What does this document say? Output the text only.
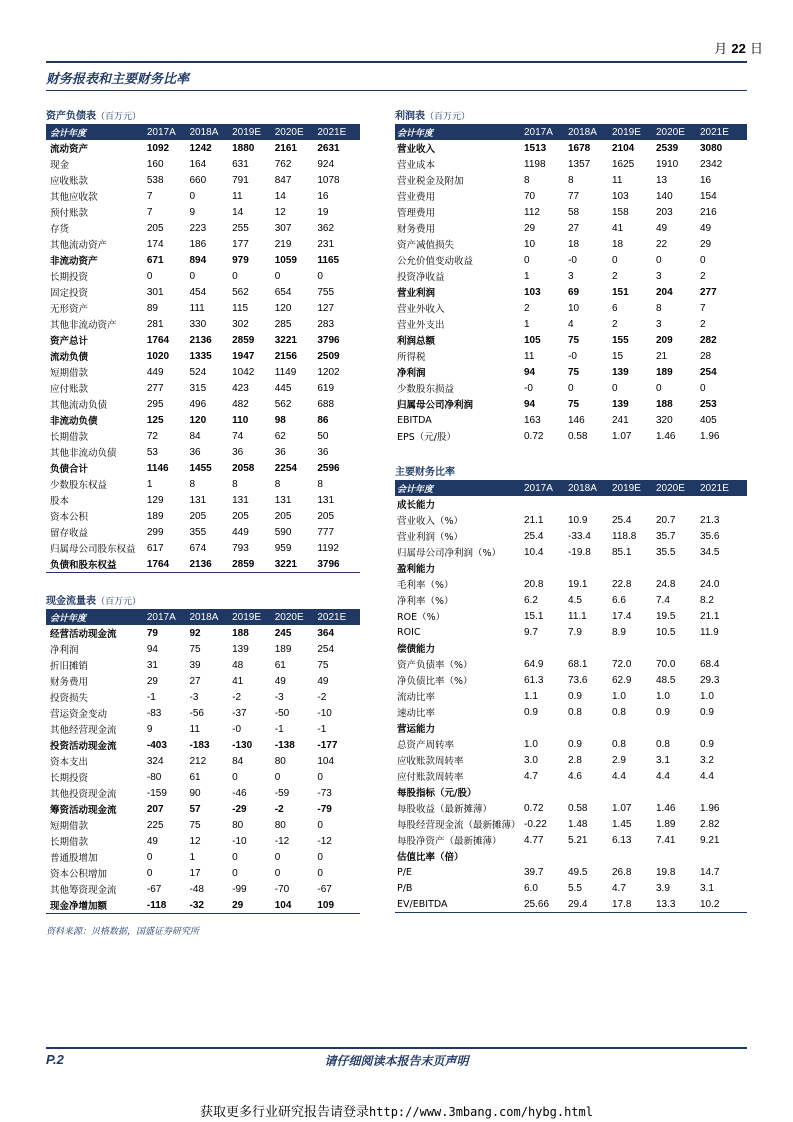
月 22 日
财务报表和主要财务比率
资产负债表（百万元）
会计年度	2017A	2018A	2019E	2020E	2021E
流动资产	1092	1242	1880	2161	2631
现金	160	164	631	762	924
应收账款	538	660	791	847	1078
其他应收款	7	0	11	14	16
预付账款	7	9	14	12	19
存货	205	223	255	307	362
其他流动资产	174	186	177	219	231
非流动资产	671	894	979	1059	1165
长期投资	0	0	0	0	0
固定投资	301	454	562	654	755
无形资产	89	111	115	120	127
其他非流动资产	281	330	302	285	283
资产总计	1764	2136	2859	3221	3796
流动负债	1020	1335	1947	2156	2509
短期借款	449	524	1042	1149	1202
应付账款	277	315	423	445	619
其他流动负债	295	496	482	562	688
非流动负债	125	120	110	98	86
长期借款	72	84	74	62	50
其他非流动负债	53	36	36	36	36
负债合计	1146	1455	2058	2254	2596
少数股东权益	1	8	8	8	8
股本	129	131	131	131	131
资本公积	189	205	205	205	205
留存收益	299	355	449	590	777
归属母公司股东权益	617	674	793	959	1192
负债和股东权益	1764	2136	2859	3221	3796
现金流量表（百万元）
会计年度	2017A	2018A	2019E	2020E	2021E
经营活动现金流	79	92	188	245	364
净利润	94	75	139	189	254
折旧摊销	31	39	48	61	75
财务费用	29	27	41	49	49
投资损失	-1	-3	-2	-3	-2
营运资金变动	-83	-56	-37	-50	-10
其他经营现金流	9	11	-0	-1	-1
投资活动现金流	-403	-183	-130	-138	-177
资本支出	324	212	84	80	104
长期投资	-80	61	0	0	0
其他投资现金流	-159	90	-46	-59	-73
筹资活动现金流	207	57	-29	-2	-79
短期借款	225	75	80	80	0
长期借款	49	12	-10	-12	-12
普通股增加	0	1	0	0	0
资本公积增加	0	17	0	0	0
其他筹资现金流	-67	-48	-99	-70	-67
现金净增加额	-118	-32	29	104	109
利润表（百万元）
会计年度	2017A	2018A	2019E	2020E	2021E
营业收入	1513	1678	2104	2539	3080
营业成本	1198	1357	1625	1910	2342
营业税金及附加	8	8	11	13	16
营业费用	70	77	103	140	154
管理费用	112	58	158	203	216
财务费用	29	27	41	49	49
资产减值损失	10	18	18	22	29
公允价值变动收益	0	-0	0	0	0
投资净收益	1	3	2	3	2
营业利润	103	69	151	204	277
营业外收入	2	10	6	8	7
营业外支出	1	4	2	3	2
利润总额	105	75	155	209	282
所得税	11	-0	15	21	28
净利润	94	75	139	189	254
少数股东损益	-0	0	0	0	0
归属母公司净利润	94	75	139	188	253
EBITDA	163	146	241	320	405
EPS（元/股）	0.72	0.58	1.07	1.46	1.96
主要财务比率
会计年度	2017A	2018A	2019E	2020E	2021E
成长能力
营业收入（%）	21.1	10.9	25.4	20.7	21.3
营业利润（%）	25.4	-33.4	118.8	35.7	35.6
归属母公司净利润（%）	10.4	-19.8	85.1	35.5	34.5
盈利能力
毛利率（%）	20.8	19.1	22.8	24.8	24.0
净利率（%）	6.2	4.5	6.6	7.4	8.2
ROE（%）	15.1	11.1	17.4	19.5	21.1
ROIC	9.7	7.9	8.9	10.5	11.9
偿债能力
资产负债率（%）	64.9	68.1	72.0	70.0	68.4
净负债比率（%）	61.3	73.6	62.9	48.5	29.3
流动比率	1.1	0.9	1.0	1.0	1.0
速动比率	0.9	0.8	0.8	0.9	0.9
营运能力
总资产周转率	1.0	0.9	0.8	0.8	0.9
应收账款周转率	3.0	2.8	2.9	3.1	3.2
应付账款周转率	4.7	4.6	4.4	4.4	4.4
每股指标（元/股）
每股收益（最新摊薄）	0.72	0.58	1.07	1.46	1.96
每股经营现金流（最新摊薄） -0.22	1.48	1.45	1.89	2.82
每股净资产（最新摊薄）	4.77	5.21	6.13	7.41	9.21
估值比率（倍）
P/E	39.7	49.5	26.8	19.8	14.7
P/B	6.0	5.5	4.7	3.9	3.1
EV/EBITDA	25.66	29.4	17.8	13.3	10.2
资料来源：贝格数据，国盛证券研究所
P.2	请仔细阅读本报告末页声明
获取更多行业研究报告请登录http://www.3mbang.com/hybg.html
